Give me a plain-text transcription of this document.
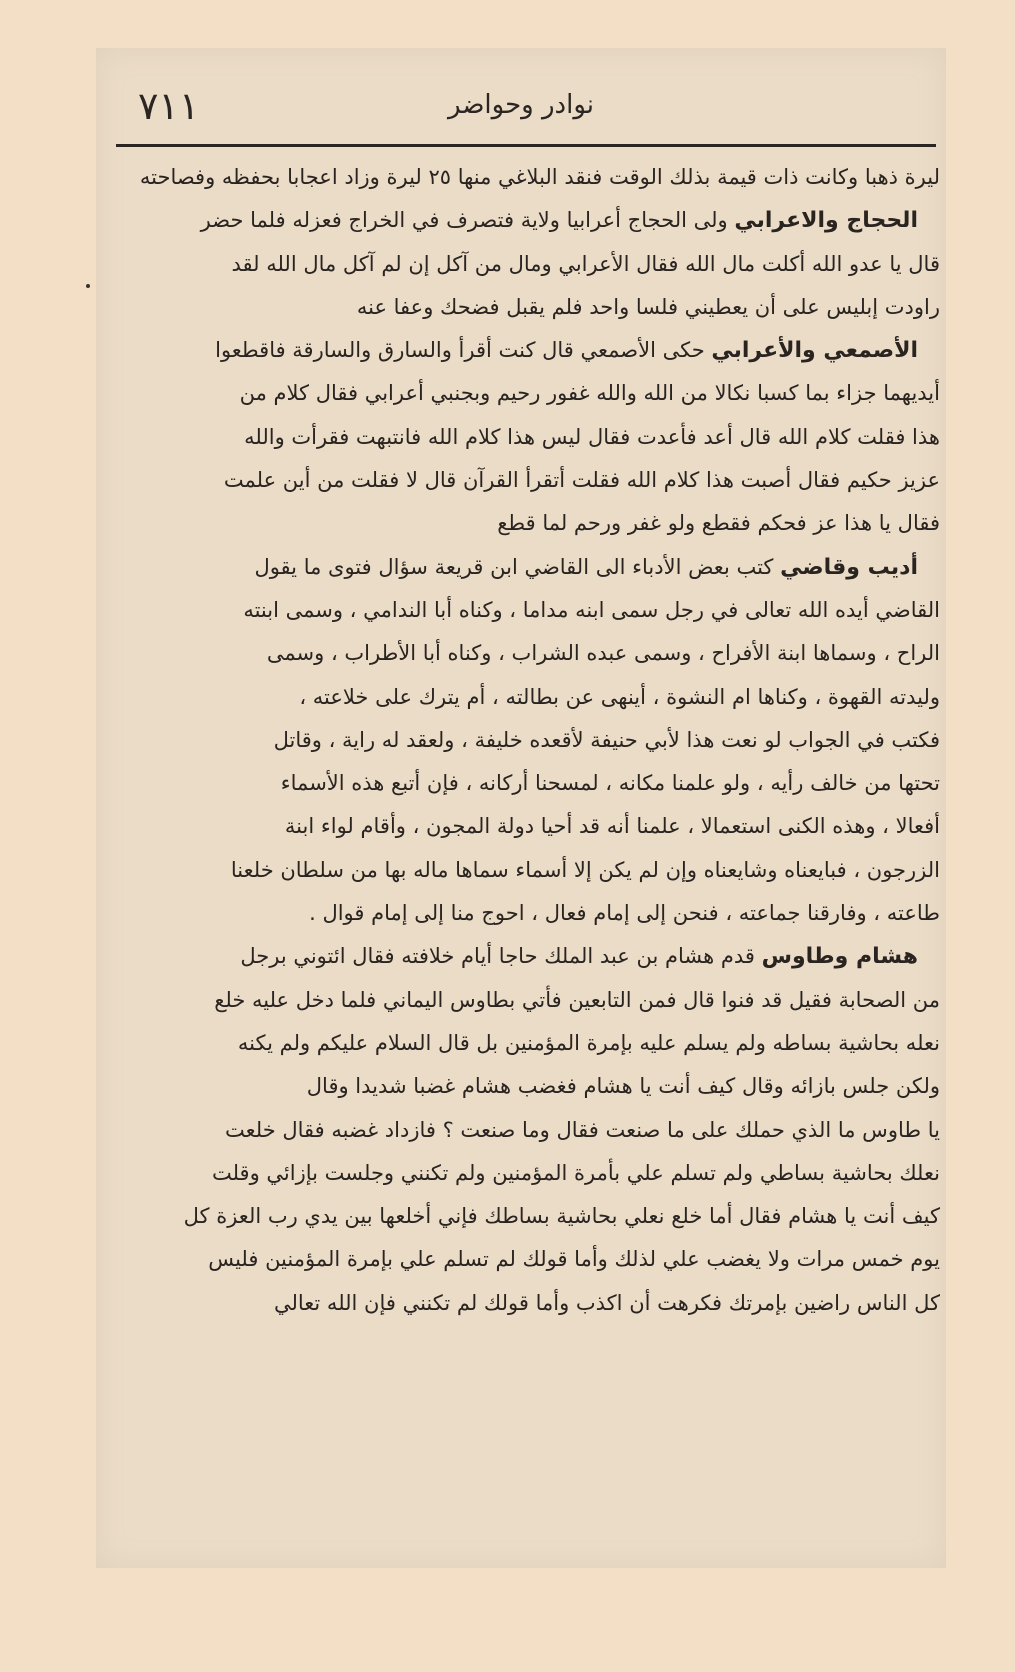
٧١١	نوادر وحواضر
ليرة ذهبا وكانت ذات قيمة بذلك الوقت فنقد البلاغي منها ٢٥ ليرة وزاد اعجابا بحفظه وفصاحته
الحجاج والاعرابي ولى الحجاج أعرابيا ولاية فتصرف في الخراج فعزله فلما حضر
قال يا عدو الله أكلت مال الله فقال الأعرابي ومال من آكل إن لم آكل مال الله لقد
راودت إبليس على أن يعطيني فلسا واحد فلم يقبل فضحك وعفا عنه
الأصمعي والأعرابي حكى الأصمعي قال كنت أقرأ والسارق والسارقة فاقطعوا
أيديهما جزاء بما كسبا نكالا من الله والله غفور رحيم وبجنبي أعرابي فقال كلام من
هذا فقلت كلام الله قال أعد فأعدت فقال ليس هذا كلام الله فانتبهت فقرأت والله
عزيز حكيم فقال أصبت هذا كلام الله فقلت أتقرأ القرآن قال لا فقلت من أين علمت
فقال يا هذا عز فحكم فقطع ولو غفر ورحم لما قطع
أديب وقاضي كتب بعض الأدباء الى القاضي ابن قريعة سؤال فتوى ما يقول
القاضي أيده الله تعالى في رجل سمى ابنه مداما ، وكناه أبا الندامي ، وسمى ابنته
الراح ، وسماها ابنة الأفراح ، وسمى عبده الشراب ، وكناه أبا الأطراب ، وسمى
وليدته القهوة ، وكناها ام النشوة ، أينهى عن بطالته ، أم يترك على خلاعته ،
فكتب في الجواب لو نعت هذا لأبي حنيفة لأقعده خليفة ، ولعقد له راية ، وقاتل
تحتها من خالف رأيه ، ولو علمنا مكانه ، لمسحنا أركانه ، فإن أتبع هذه الأسماء
أفعالا ، وهذه الكنى استعمالا ، علمنا أنه قد أحيا دولة المجون ، وأقام لواء ابنة
الزرجون ، فبايعناه وشايعناه وإن لم يكن إلا أسماء سماها ماله بها من سلطان خلعنا
طاعته ، وفارقنا جماعته ، فنحن إلى إمام فعال ، احوج منا إلى إمام قوال .
هشام وطاوس قدم هشام بن عبد الملك حاجا أيام خلافته فقال ائتوني برجل
من الصحابة فقيل قد فنوا قال فمن التابعين فأتي بطاوس اليماني فلما دخل عليه خلع
نعله بحاشية بساطه ولم يسلم عليه بإمرة المؤمنين بل قال السلام عليكم ولم يكنه
ولكن جلس بازائه وقال كيف أنت يا هشام فغضب هشام غضبا شديدا وقال
يا طاوس ما الذي حملك على ما صنعت فقال وما صنعت ؟ فازداد غضبه فقال خلعت
نعلك بحاشية بساطي ولم تسلم علي بأمرة المؤمنين ولم تكنني وجلست بإزائي وقلت
كيف أنت يا هشام فقال أما خلع نعلي بحاشية بساطك فإني أخلعها بين يدي رب العزة كل
يوم خمس مرات ولا يغضب علي لذلك وأما قولك لم تسلم علي بإمرة المؤمنين فليس
كل الناس راضين بإمرتك فكرهت أن اكذب وأما قولك لم تكنني فإن الله تعالي
